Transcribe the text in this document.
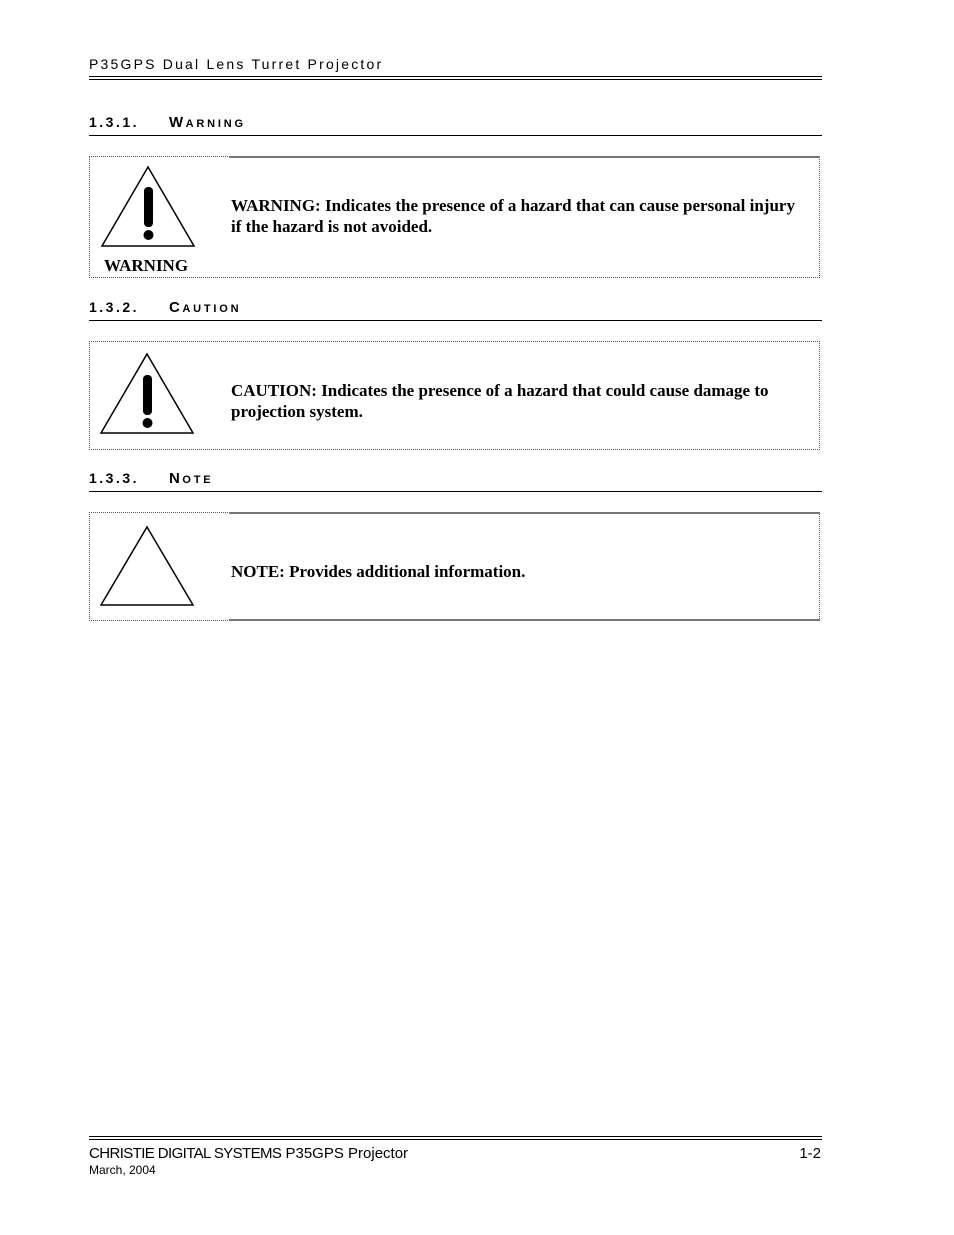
P35GPS Dual Lens Turret Projector
1.3.1. WARNING
WARNING
WARNING: Indicates the presence of a hazard that can cause personal injury if the hazard is not avoided.
1.3.2. CAUTION
CAUTION: Indicates the presence of a hazard that could cause damage to projection system.
1.3.3. NOTE
NOTE: Provides additional information.
CHRISTIE DIGITAL SYSTEMS P35GPS Projector
March, 2004
1-2
